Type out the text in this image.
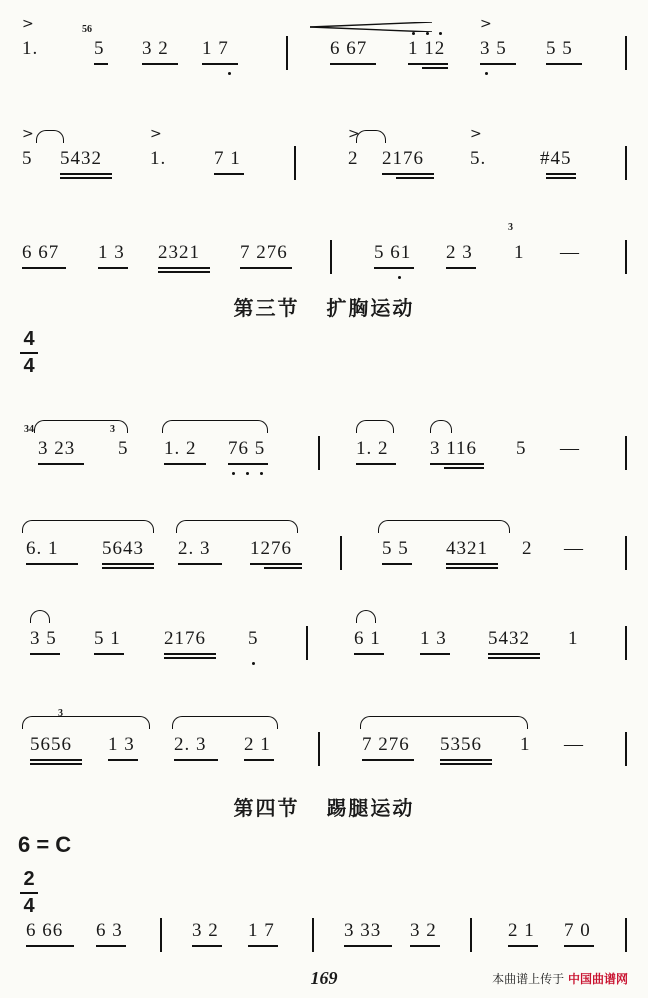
>
1.
56
5 3 2 1 7	6 67 1 12
>
3 5 5 5
>
5 5432
>
1.	7 1
>
2 2176
>
5.	#45
6 67 1 3 2321 7 276	5 61 2 3
3
1 —
第三节 扩胸运动
4
4
34
3 23
3
5 1. 2 76 5	1. 2 3 116 5 —
6. 1 5643 2. 3 1276	5 5 4321 2 —
3 5 5 1 2176 5	6 1 1 3 5432 1
3
5656 1 3 2. 3 2 1	7 276 5356 1 —
第四节 踢腿运动
6 = C
2
4
6 66 6 3	3 2 1 7	3 33 3 2	2 1 7 0
169	本曲谱上传于 中国曲谱网
